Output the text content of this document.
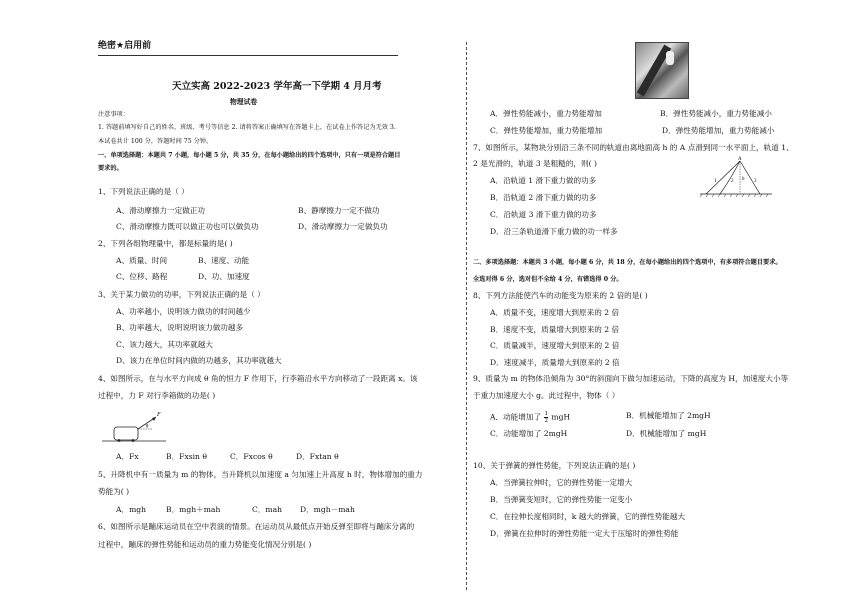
绝密★启用前
天立实高 2022-2023 学年高一下学期 4 月月考
物理试卷
注意事项：
1. 答题前填写好自己的姓名、班级、考号等信息 2. 请将答案正确填写在答题卡上，在试卷上作答记为无效 3.
本试卷共计 100 分，答题时间 75 分钟。
一、单项选择题：本题共 7 小题，每小题 5 分，共 35 分，在每小题给出的四个选项中，只有一项是符合题目
要求的。
1、下列说法正确的是（ ）
A、滑动摩擦力一定做正功	B、静摩擦力一定不做功
C、滑动摩擦力既可以做正功也可以做负功	D、滑动摩擦力一定做负功
2、下列各组物理量中，都是标量的是( )
A、质量、时间	B、速度、动能
C、位移、路程	D、功、加速度
3、关于某力做功的功率，下列说法正确的是（ ）
A、功率越小，说明该力做功的时间越少
B、功率越大，说明说明该力做功越多
C、该力越大，其功率就越大
D、该力在单位时间内做的功越多，其功率就越大
4、如图所示，在与水平方向成 θ 角的恒力 F 作用下，行李箱沿水平方向移动了一段距离 x。该
过程中，力 F 对行李箱做的功是( )
F
θ
A．Fx	B．Fxsin θ	C．Fxcos θ	D．Fxtan θ
5、升降机中有一质量为 m 的物体，当升降机以加速度 a 匀加速上升高度 h 时，物体增加的重力
势能为( )
A．mgh	B．mgh＋mah	C．mah D．mgh－mah
6、如图所示是蹦床运动员在空中表演的情景。在运动员从最低点开始反弹至即将与蹦床分离的
过程中，蹦床的弹性势能和运动员的重力势能变化情况分别是( )
A．弹性势能减小，重力势能增加	B．弹性势能减小，重力势能减小
C．弹性势能增加，重力势能增加	D．弹性势能增加，重力势能减小
7、如图所示，某物块分别沿三条不同的轨道由离地面高 h 的 A 点滑到同一水平面上，轨道 1、
2 是光滑的，轨道 3 是粗糙的，则( )
A．沿轨道 1 滑下重力做的功多
B．沿轨道 2 滑下重力做的功多
C．沿轨道 3 滑下重力做的功多
D．沿三条轨道滑下重力做的功一样多
A
1	2	3
h
二、多项选择题：本题共 3 小题，每小题 6 分，共 18 分，在每小题给出的四个选项中，有多项符合题目要求。
全选对得 6 分，选对但不全给 4 分，有错选得 0 分。
8、下列方法能使汽车的动能变为原来的 2 倍的是( )
A．质量不变，速度增大到原来的 2 倍
B．速度不变，质量增大到原来的 2 倍
C．质量减半，速度增大到原来的 2 倍
D．速度减半，质量增大到原来的 2 倍
9、质量为 m 的物体沿倾角为 30°的斜面向下做匀加速运动，下降的高度为 H，加速度大小等
于重力加速度大小 g。此过程中，物体（ ）
A．动能增加了 $\frac{1}{2}$ mgH	B．机械能增加了 2mgH
C．动能增加了 2mgH	D．机械能增加了 mgH
10、关于弹簧的弹性势能，下列说法正确的是( )
A．当弹簧拉伸时，它的弹性势能一定增大
B．当弹簧变短时，它的弹性势能一定变小
C．在拉伸长度相同时，k 越大的弹簧，它的弹性势能越大
D．弹簧在拉伸时的弹性势能一定大于压缩时的弹性势能
